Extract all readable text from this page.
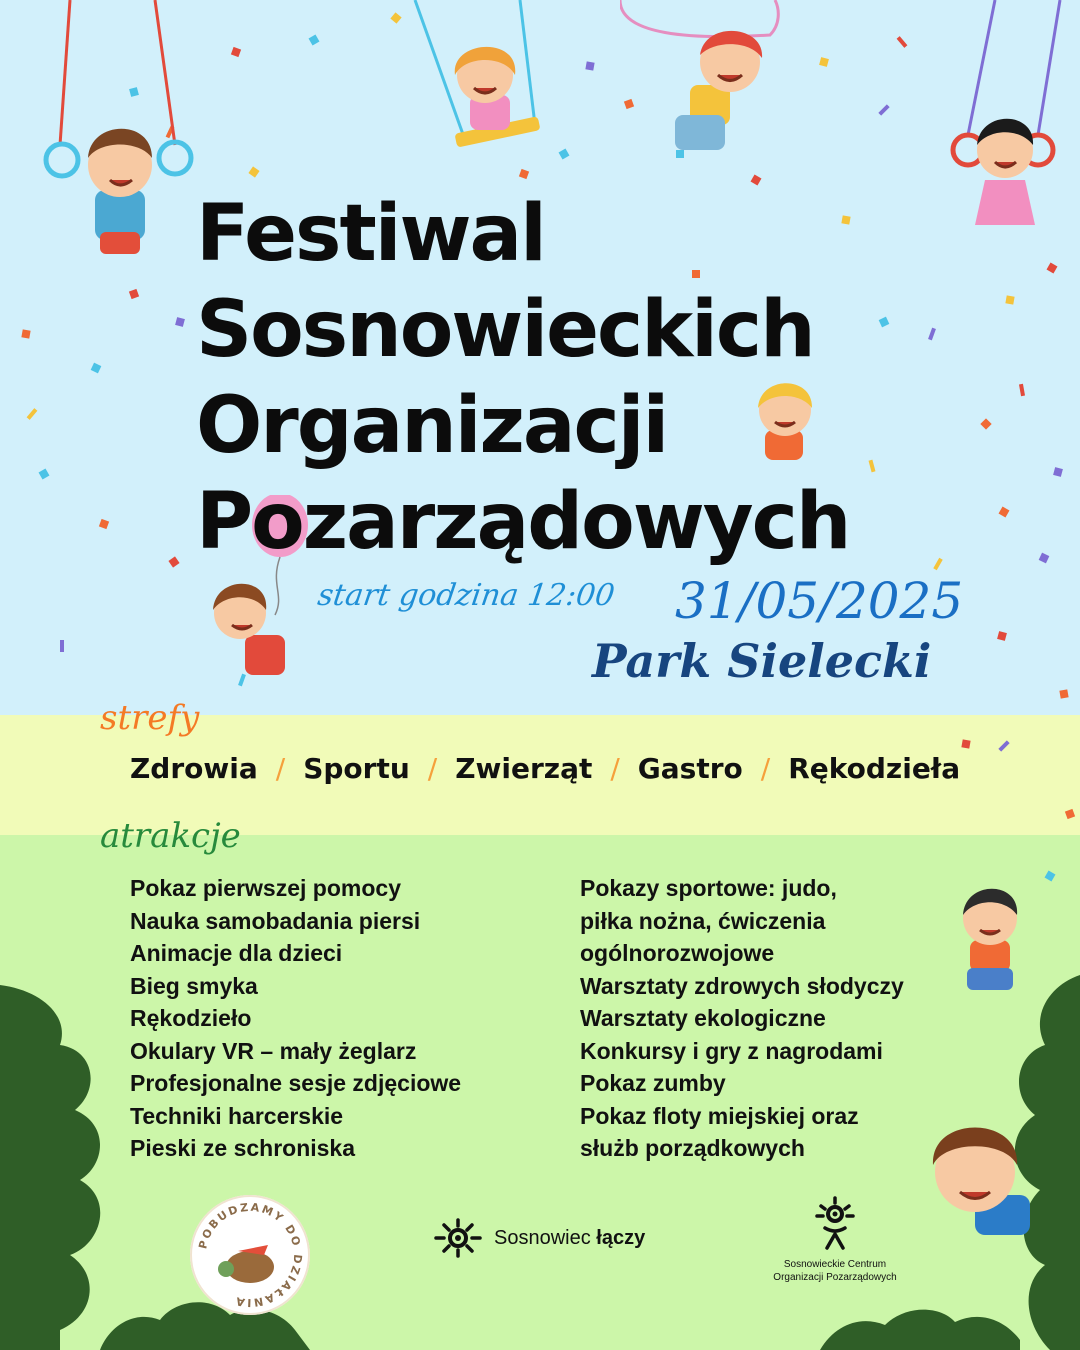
Festiwal
Sosnowieckich
Organizacji
Pozarządowych
start godzina 12:00 31/05/2025
Park Sielecki
strefy
Zdrowia / Sportu / Zwierząt / Gastro / Rękodzieła
atrakcje
Pokaz pierwszej pomocy
Nauka samobadania piersi
Animacje dla dzieci
Bieg smyka
Rękodzieło
Okulary VR – mały żeglarz
Profesjonalne sesje zdjęciowe
Techniki harcerskie
Pieski ze schroniska
Pokazy sportowe: judo,
piłka nożna, ćwiczenia
ogólnorozwojowe
Warsztaty zdrowych słodyczy
Warsztaty ekologiczne
Konkursy i gry z nagrodami
Pokaz zumby
Pokaz floty miejskiej oraz
służb porządkowych
POBUDZAMY DO DZIAŁANIA
Sosnowiec łączy
Sosnowieckie Centrum
Organizacji Pozarządowych
